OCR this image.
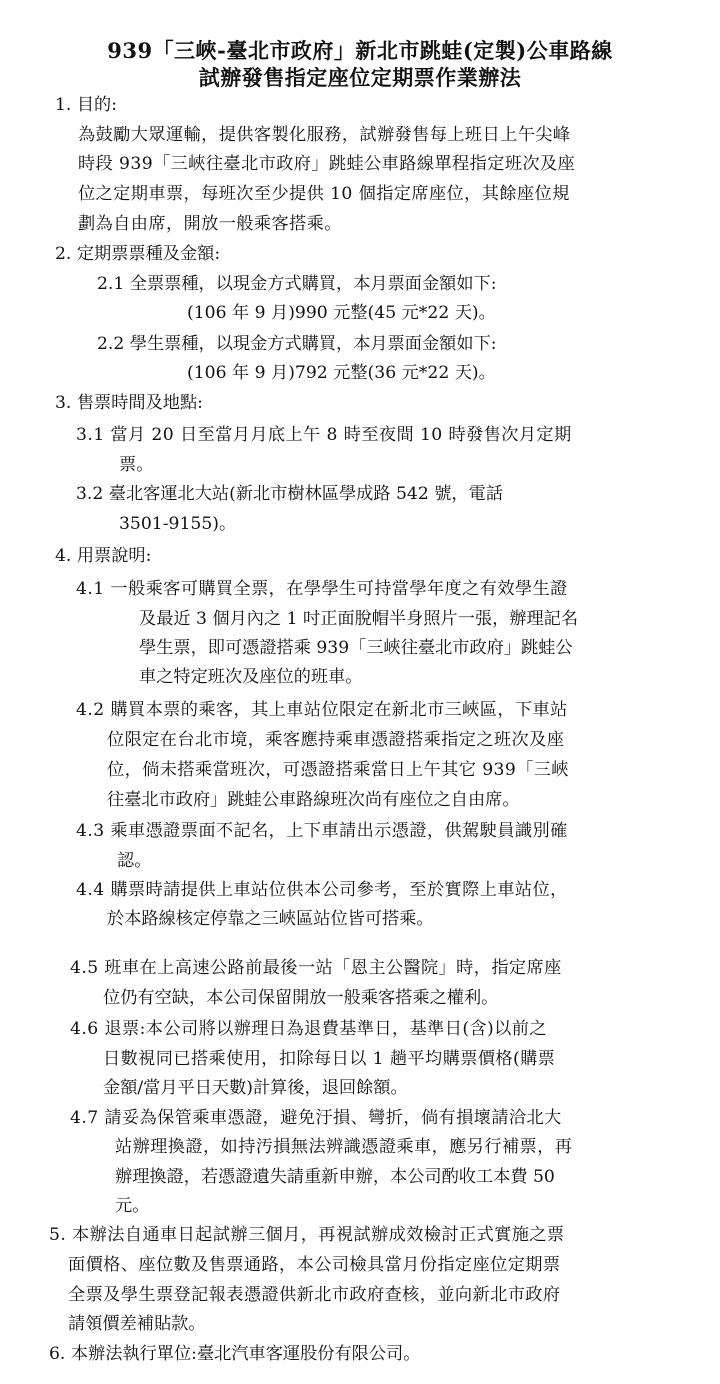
939「三峽-臺北市政府」新北市跳蛙(定製)公車路線
試辦發售指定座位定期票作業辦法
1. 目的:
為鼓勵大眾運輸，提供客製化服務，試辦發售每上班日上午尖峰
時段 939「三峽往臺北市政府」跳蛙公車路線單程指定班次及座
位之定期車票，每班次至少提供 10 個指定席座位，其餘座位規
劃為自由席，開放一般乘客搭乘。
2. 定期票票種及金額:
2.1 全票票種，以現金方式購買，本月票面金額如下:
(106 年 9 月)990 元整(45 元*22 天)。
2.2 學生票種，以現金方式購買，本月票面金額如下:
(106 年 9 月)792 元整(36 元*22 天)。
3. 售票時間及地點:
3.1 當月 20 日至當月月底上午 8 時至夜間 10 時發售次月定期
票。
3.2 臺北客運北大站(新北市樹林區學成路 542 號，電話
3501-9155)。
4. 用票說明:
4.1 一般乘客可購買全票，在學學生可持當學年度之有效學生證
及最近 3 個月內之 1 吋正面脫帽半身照片一張，辦理記名
學生票，即可憑證搭乘 939「三峽往臺北市政府」跳蛙公
車之特定班次及座位的班車。
4.2 購買本票的乘客，其上車站位限定在新北市三峽區，下車站
位限定在台北市境，乘客應持乘車憑證搭乘指定之班次及座
位，倘未搭乘當班次，可憑證搭乘當日上午其它 939「三峽
往臺北市政府」跳蛙公車路線班次尚有座位之自由席。
4.3 乘車憑證票面不記名，上下車請出示憑證，供駕駛員識別確
認。
4.4 購票時請提供上車站位供本公司參考，至於實際上車站位，
於本路線核定停靠之三峽區站位皆可搭乘。
4.5 班車在上高速公路前最後一站「恩主公醫院」時，指定席座
位仍有空缺，本公司保留開放一般乘客搭乘之權利。
4.6 退票:本公司將以辦理日為退費基準日，基準日(含)以前之
日數視同已搭乘使用，扣除每日以 1 趟平均購票價格(購票
金額/當月平日天數)計算後，退回餘額。
4.7 請妥為保管乘車憑證，避免汙損、彎折，倘有損壞請洽北大
站辦理換證，如持汚損無法辨識憑證乘車，應另行補票，再
辦理換證，若憑證遺失請重新申辦，本公司酌收工本費 50
元。
5. 本辦法自通車日起試辦三個月，再視試辦成效檢討正式實施之票
面價格、座位數及售票通路，本公司檢具當月份指定座位定期票
全票及學生票登記報表憑證供新北市政府查核，並向新北市政府
請領價差補貼款。
6. 本辦法執行單位:臺北汽車客運股份有限公司。
